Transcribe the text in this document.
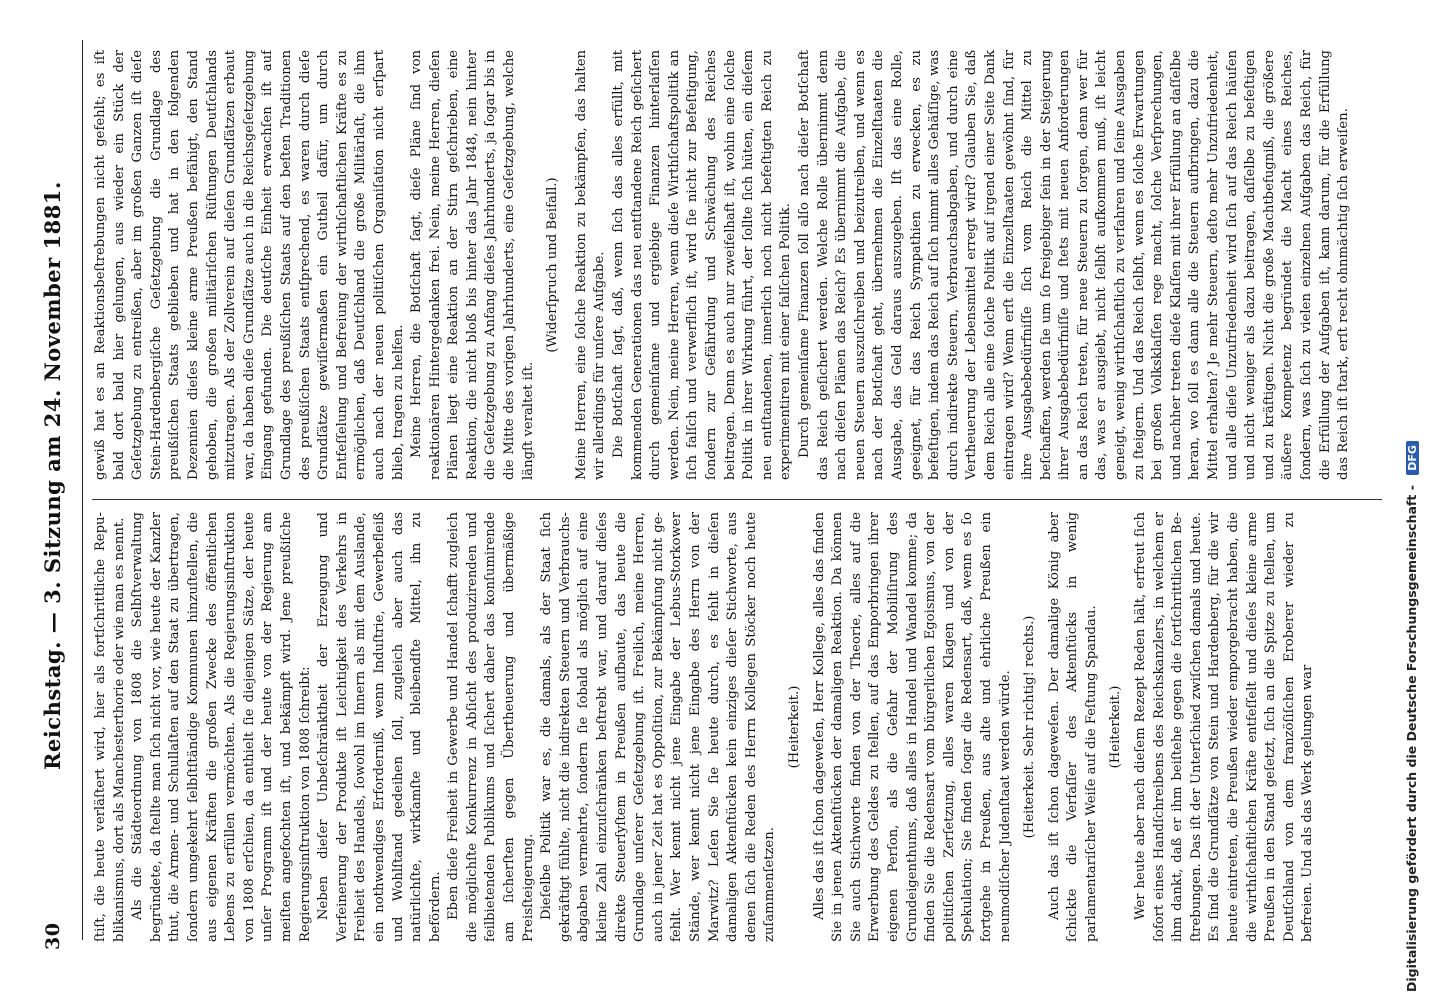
30
Reichstag. — 3. Sitzung am 24. November 1881. ſtiſt, die heute verläſtert wird, hier als fortſchrittliche Republikanismus, dort als Manchesterthorie oder wie man es nennt. Als die Städteordnung von 1808 die Selbſtverwaltung begründete, da ſtellte man ſich nicht vor, wie heute der Kanzler thut, die Armen- und Schullaſten auf den Staat zu übertragen, ſondern umgekehrt ſelbſtſtändige Kommunen hinzuſtellen, die aus eigenen Kräften die großen Zwecke des öffentlichen Lebens zu erfüllen vermöchten. Als die Regierungsinſtruktion von 1808 erſchien, da enthielt ſie diejenigen Sätze, der heute unſer Programm iſt und der heute von der Regierung am meiſten angefochten iſt, und bekämpft wird. Jene preußiſche Regierungsinſtruktion von 1808 ſchreibt: Neben dieſer Unbeſchränktheit der Erzeugung und Verfeinerung der Produkte iſt Leichtigkeit des Verkehrs in Freiheit des Handels, ſowohl im Innern als mit dem Auslande, ein nothwendiges Erforderniß, wenn Induſtrie, Gewerbefleiß und Wohlſtand gedeihen ſoll, zugleich aber auch das natürlichſte, wirkſamſte und bleibendſte Mittel, ihn zu befördern. Eben dieſe Freiheit in Gewerbe und Handel ſchafft zugleich die möglichſte Konkurrenz in Abſicht des produzirenden und feilbietenden Publikums und ſichert daher das konſumirende am ſicherſten gegen Übertheuerung und übermäßige Preisſteigerung. Dieſelbe Politik war es, die damals, als der Staat ſich gekräftigt fühlte, nicht die indirekten Steuern und Verbrauchsabgaben vermehrte, ſondern ſie ſobald als möglich auf eine kleine Zahl einzuſchränken beſtrebt war, und darauf dieſes direkte Steuerſyſtem in Preußen aufbaute, das heute die Grundlage unſerer Geſetzgebung iſt. Freilich, meine Herren, auch in jener Zeit hat es Oppoſition, zur Bekämpfung nicht gefehlt. Wer kennt nicht jene Eingabe der Lebus-Storkower Stände, wer kennt nicht jene Eingabe des Herrn von der Marwitz? Leſen Sie ſie heute durch, es fehlt in dieſen damaligen Aktenſtücken kein einziges dieſer Stichworte, aus denen ſich die Reden des Herrn Kollegen Stöcker noch heute zuſammenſetzen.

(Heiterkeit.) Alles das iſt ſchon dageweſen, Herr Kollege, alles das finden Sie in jenen Aktenſtücken der damaligen Reaktion. Da können Sie auch Stichworte finden von der Theorie, alles auf die Erwerbung des Geldes zu ſtellen, auf das Emporbringen ihrer eigenen Perſon, als die Gefahr der Mobiliſirung des Grundeigenthums, daß alles in Handel und Wandel komme; da finden Sie die Redensart vom bürgerlichen Egoismus, von der politiſchen Zerſetzung, alles waren Klagen und von der Spekulation; Sie finden ſogar die Redensart, daß, wenn es ſo fortgehe in Preußen, aus alte und ehrliche Preußen ein neumodiſcher Judenſtaat werden würde. (Heiterkeit. Sehr richtig! rechts.) Auch das iſt ſchon dageweſen. Der damalige König aber ſchickte die Verfaſſer des Aktenſtücks in wenig parlamentariſcher Weiſe auf die Feſtung Spandau. (Heiterkeit.) Wer heute aber nach dieſem Rezept Reden hält, erfreut ſich ſofort eines Handſchreibens des Reichskanzlers, in welchem er ihm dankt, daß er ihm beiſtehe gegen die fortſchrittlichen Beſtrebungen. Das iſt der Unterſchied zwiſchen damals und heute. Es ſind die Grundſätze von Stein und Hardenberg, für die wir heute eintreten, die Preußen wieder emporgebracht haben, die die wirthſchaftlichen Kräfte entfeſſelt und dieſes kleine arme Preußen in den Stand geſetzt, ſich an die Spitze zu ſtellen, um Deutſchland von dem franzöſiſchen Eroberer wieder zu befreien. Und als das Werk gelungen war

gewiß hat es an Reaktionsbeſtrebungen nicht gefehlt; es iſt bald dort bald hier gelungen, aus wieder ein Stück der Geſetzgebung zu entreißen, aber im großen Ganzen iſt dieſe Stein-Hardenbergiſche Geſetzgebung die Grundlage des preußiſchen Staats geblieben und hat in den folgenden Dezennien dieſes kleine arme Preußen befähigt, den Stand gehoben, die großen militäriſchen Rüſtungen Deutſchlands mitzutragen. Als der Zollverein auf dieſen Grundſätzen erbaut war, da haben dieſe Grundſätze auch in die Reichsgeſetzgebung Eingang gefunden. Die deutſche Einheit erwachſen iſt auf Grundlage des preußiſchen Staats auf den beſten Traditionen des preußiſchen Staats entſprechend, es waren durch dieſe Grundſätze gewiſſermaßen ein Gutheil dafür, um durch Entfeſſelung und Befreiung der wirthſchaftlichen Kräfte es zu ermöglichen, daß Deutſchland die große Militärlaſt, die ihm auch nach der neuen politiſchen Organiſation nicht erſpart blieb, tragen zu helfen. Meine Herren, die Botſchaft ſagt, dieſe Pläne ſind von reaktionären Hintergedanken frei. Nein, meine Herren, dieſen Plänen liegt eine Reaktion an der Stirn geſchrieben, eine Reaktion, die nicht bloß bis hinter das Jahr 1848, nein hinter die Geſetzgebung zu Anfang dieſes Jahrhunderts, ja ſogar bis in die Mitte des vorigen Jahrhunderts, eine Geſetzgebung, welche längſt veraltet iſt.

(Widerſpruch und Beifall.) Meine Herren, eine ſolche Reaktion zu bekämpfen, das halten wir allerdings für unſere Aufgabe. Die Botſchaft ſagt, daß, wenn ſich das alles erfüllt, mit kommenden Generationen das neu entſtandene Reich geſichert durch gemeinſame und ergiebige Finanzen hinterlaſſen werden. Nein, meine Herren, wenn dieſe Wirthſchaftspolitik an ſich falſch und verwerflich iſt, wird ſie nicht zur Befeſtigung, ſondern zur Gefährdung und Schwächung des Reiches beitragen. Denn es auch nur zweifelhaft iſt, wohin eine ſolche Politik in ihrer Wirkung führt, der ſollte ſich hüten, ein dieſem neu entſtandenen, innerlich noch nicht befeſtigten Reich zu experimentiren mit einer falſchen Politik. Durch gemeinſame Finanzen ſoll alſo nach dieſer Botſchaft das Reich geſichert werden. Welche Rolle übernimmt denn nach dieſen Plänen das Reich? Es übernimmt die Aufgabe, die neuen Steuern auszuſchreiben und beizutreiben, und wenn es nach der Botſchaft geht, übernehmen die Einzelſtaaten die Ausgabe, das Geld daraus auszugeben. Iſt das eine Rolle, geeignet, für das Reich Sympathien zu erwecken, es zu befeſtigen, indem das Reich auf ſich nimmt alles Gehäſſige, was durch indirekte Steuern, Verbrauchsabgaben, und durch eine Vertheuerung der Lebensmittel erregt wird? Glauben Sie, daß dem Reich alle eine ſolche Politik auf irgend einer Seite Dank eintragen wird? Wenn erſt die Einzelſtaaten gewöhnt ſind, für ihre Ausgabebedürfniſſe ſich vom Reich die Mittel zu beſchaffen, werden ſie um ſo freigebiger ſein in der Steigerung ihrer Ausgabebedürfniſſe und ſtets mit neuen Anforderungen an das Reich treten, für neue Steuern zu ſorgen, denn wer für das, was er ausgiebt, nicht ſelbſt aufkommen muß, iſt leicht geneigt, wenig wirthſchaftlich zu verfahren und ſeine Ausgaben zu ſteigern. Und das Reich ſelbſt, wenn es ſolche Erwartungen bei großen Volksklaſſen rege macht, ſolche Verſprechungen, und nachher treten dieſe Klaſſen mit ihrer Erfüllung an daſſelbe heran, wo ſoll es dann alle die Steuern aufbringen, dazu die Mittel erhalten? Je mehr Steuern, deſto mehr Unzufriedenheit, und alle dieſe Unzufriedenheit wird ſich auf das Reich häufen und nicht weniger als dazu beitragen, daſſelbe zu befeſtigen und zu kräftigen. Nicht die große Machtbefugniß, die größere äußere Kompetenz begründet die Macht eines Reiches, ſondern, was ſich zu vielen einzelnen Aufgaben das Reich, für die Erfüllung der Aufgaben iſt, kann darum, für die Erfüllung das Reich iſt ſtark, erſt recht ohnmächtig ſich erweiſen.

Digitalisierung gefördert durch die Deutsche Forschungsgemeinschaft - DFG
